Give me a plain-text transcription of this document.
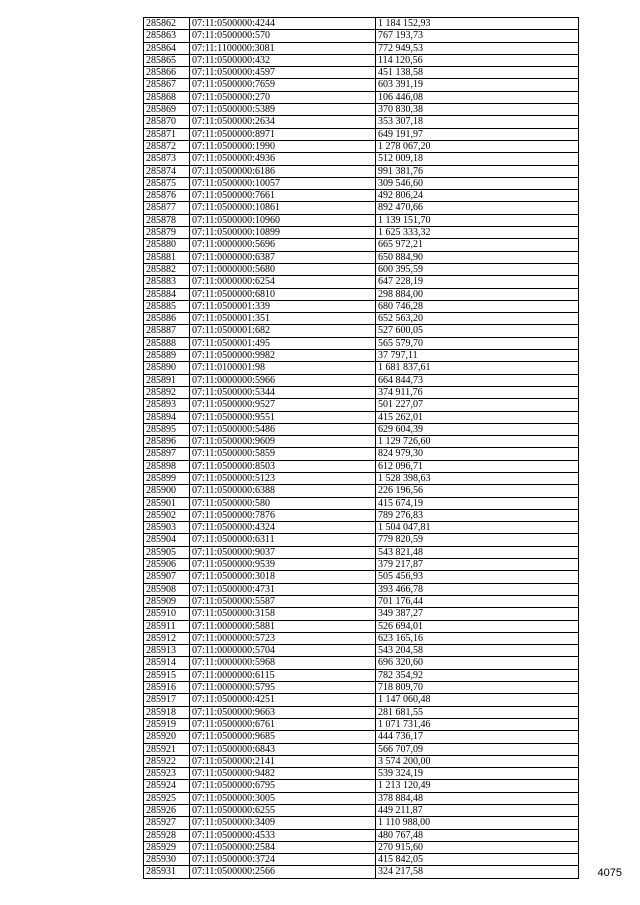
285862	07:11:0500000:4244	1 184 152,93
285863	07:11:0500000:570	767 193,73
285864	07:11:1100000:3081	772 949,53
285865	07:11:0500000:432	114 120,56
285866	07:11:0500000:4597	451 138,58
285867	07:11:0500000:7659	603 391,19
285868	07:11:0500000:270	106 446,08
285869	07:11:0500000:5389	370 830,38
285870	07:11:0500000:2634	353 307,18
285871	07:11:0500000:8971	649 191,97
285872	07:11:0500000:1990	1 278 067,20
285873	07:11:0500000:4936	512 009,18
285874	07:11:0500000:6186	991 381,76
285875	07:11:0500000:10057	309 546,60
285876	07:11:0500000:7661	492 806,24
285877	07:11:0500000:10861	892 470,66
285878	07:11:0500000:10960	1 139 151,70
285879	07:11:0500000:10899	1 625 333,32
285880	07:11:0000000:5696	665 972,21
285881	07:11:0000000:6387	650 884,90
285882	07:11:0000000:5680	600 395,59
285883	07:11:0000000:6254	647 228,19
285884	07:11:0500000:6810	298 884,00
285885	07:11:0500001:339	680 746,28
285886	07:11:0500001:351	652 563,20
285887	07:11:0500001:682	527 600,05
285888	07:11:0500001:495	565 579,70
285889	07:11:0500000:9982	37 797,11
285890	07:11:0100001:98	1 681 837,61
285891	07:11:0000000:5966	664 844,73
285892	07:11:0500000:5344	374 911,76
285893	07:11:0500000:9527	501 227,07
285894	07:11:0500000:9551	415 262,01
285895	07:11:0500000:5486	629 604,39
285896	07:11:0500000:9609	1 129 726,60
285897	07:11:0500000:5859	824 979,30
285898	07:11:0500000:8503	612 096,71
285899	07:11:0500000:5123	1 528 398,63
285900	07:11:0500000:6388	226 196,56
285901	07:11:0500000:580	415 674,19
285902	07:11:0500000:7876	789 276,83
285903	07:11:0500000:4324	1 504 047,81
285904	07:11:0500000:6311	779 820,59
285905	07:11:0500000:9037	543 821,48
285906	07:11:0500000:9539	379 217,87
285907	07:11:0500000:3018	505 456,93
285908	07:11:0500000:4731	393 466,78
285909	07:11:0500000:5587	701 176,44
285910	07:11:0500000:3158	349 387,27
285911	07:11:0000000:5881	526 694,01
285912	07:11:0000000:5723	623 165,16
285913	07:11:0000000:5704	543 204,58
285914	07:11:0000000:5968	696 320,60
285915	07:11:0000000:6115	782 354,92
285916	07:11:0000000:5795	718 809,70
285917	07:11:0500000:4251	1 147 060,48
285918	07:11:0500000:9663	281 681,55
285919	07:11:0500000:6761	1 071 731,46
285920	07:11:0500000:9685	444 736,17
285921	07:11:0500000:6843	566 707,09
285922	07:11:0500000:2141	3 574 200,00
285923	07:11:0500000:9482	539 324,19
285924	07:11:0500000:6795	1 213 120,49
285925	07:11:0500000:3005	378 884,48
285926	07:11:0500000:6255	449 211,87
285927	07:11:0500000:3409	1 110 988,00
285928	07:11:0500000:4533	480 767,48
285929	07:11:0500000:2584	270 915,60
285930	07:11:0500000:3724	415 842,05
285931	07:11:0500000:2566	324 217,58	4075
